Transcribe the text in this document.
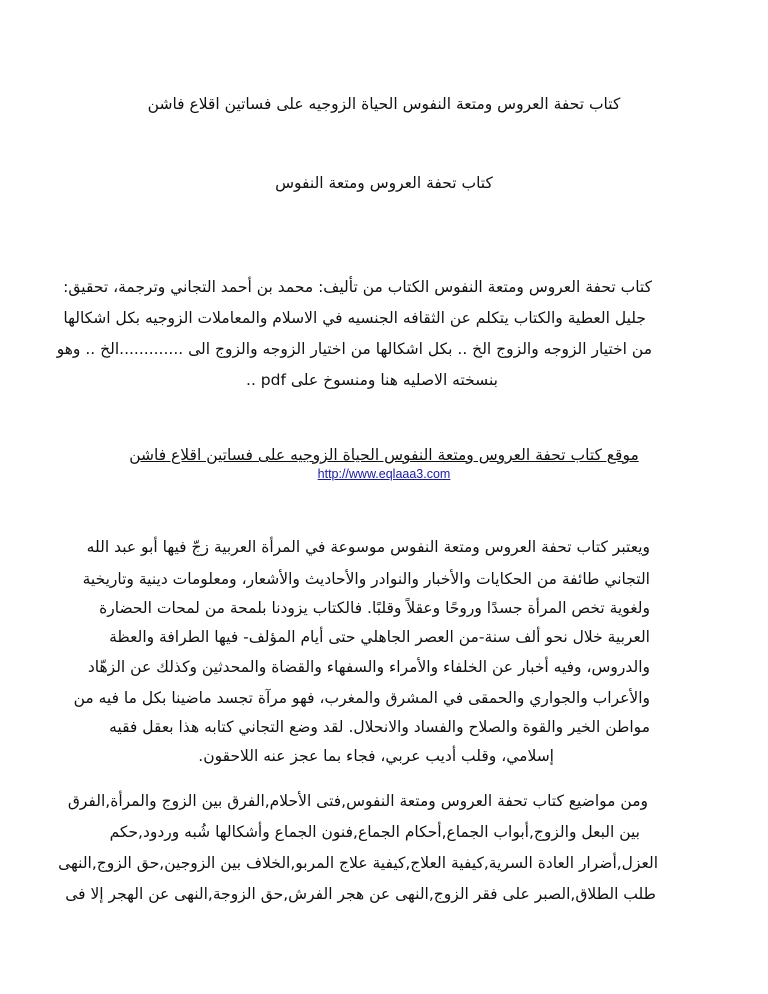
كتاب تحفة العروس ومتعة النفوس الحياة الزوجيه على فساتين اقلاع فاشن
كتاب تحفة العروس ومتعة النفوس
كتاب تحفة العروس ومتعة النفوس الكتاب من تأليف: محمد بن أحمد التجاني وترجمة، تحقيق:
جليل العطية والكتاب يتكلم عن الثقافه الجنسيه في الاسلام والمعاملات الزوجيه بكل اشكالها
من اختيار الزوجه والزوج الخ .. بكل اشكالها من اختيار الزوجه والزوج الى .............الخ .. وهو
بنسخته الاصليه هنا ومنسوخ على pdf ..
موقع كتاب تحفة العروس ومتعة النفوس الحياة الزوجيه على فساتين اقلاع فاشن
http://www.eqlaaa3.com
ويعتبر كتاب تحفة العروس ومتعة النفوس موسوعة في المرأة العربية زجّ فيها أبو عبد الله
التجاني طائفة من الحكايات والأخبار والنوادر والأحاديث والأشعار، ومعلومات دينية وتاريخية
ولغوية تخص المرأة جسدًا وروحًا وعقلاً وقلبًا. فالكتاب يزودنا بلمحة من لمحات الحضارة
العربية خلال نحو ألف سنة-من العصر الجاهلي حتى أيام المؤلف- فيها الطرافة والعظة
والدروس، وفيه أخبار عن الخلفاء والأمراء والسفهاء والقضاة والمحدثين وكذلك عن الزهّاد
والأعراب والجواري والحمقى في المشرق والمغرب، فهو مرآة تجسد ماضينا بكل ما فيه من
مواطن الخير والقوة والصلاح والفساد والانحلال. لقد وضع التجاني كتابه هذا بعقل فقيه
إسلامي، وقلب أديب عربي، فجاء بما عجز عنه اللاحقون.
ومن مواضيع كتاب تحفة العروس ومتعة النفوس,فتى الأحلام,الفرق بين الزوج والمرأة,الفرق
بين البعل والزوج,أبواب الجماع,أحكام الجماع,فنون الجماع وأشكالها شُبه وردود,حكم
العزل,أضرار العادة السرية,كيفية العلاج,كيفية علاج المربو,الخلاف بين الزوجين,حق الزوج,النهى
طلب الطلاق,الصبر على فقر الزوج,النهى عن هجر الفرش,حق الزوجة,النهى عن الهجر إلا فى
